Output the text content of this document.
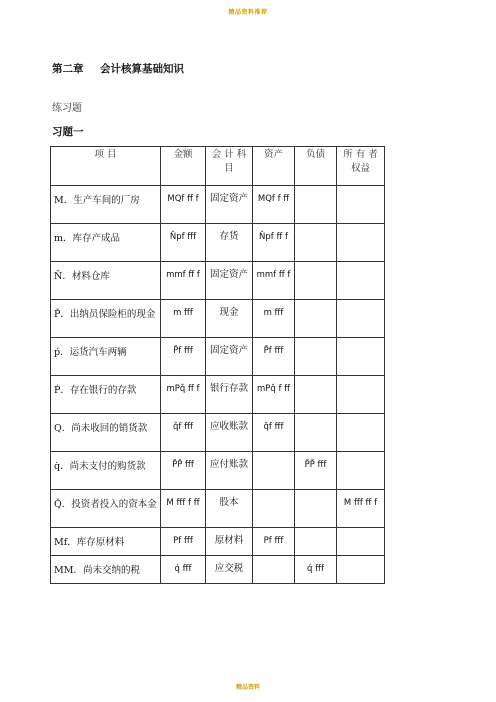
精品资料推荐
第二章 会计核算基础知识
练习题
习题一
项 目	金额	会 计 科 目	资产	负债	所 有 者 权益
M．生产车间的厂房	MQf ff f	固定资产	MQf f ff		
m．库存产成品	Ňpf fff	存货	Ňpf ff f		
Ň．材料仓库	mmf ff f	固定资产	mmf ff f		
P̌．出纳员保险柜的现金	m fff	现金	m fff		
ṕ．运货汽车两辆	P̌f fff	固定资产	P̌f fff		
Ṗ．存在银行的存款	mPq̌ ff f	银行存款	mPq̌ f ff		
Q．尚未收回的销货款	q̌f fff	应收账款	q̌f fff		
q̇．尚未支付的购货款	P̌P̌ fff	应付账款		P̌P̌ fff	
Q̌．投资者投入的资本金	M fff f ff	股本			M fff ff f
Mf．库存原材料	Pf fff	原材料	Pf fff		
MM．尚未交纳的税	q́ fff	应交税		q́ fff	
精品资料
